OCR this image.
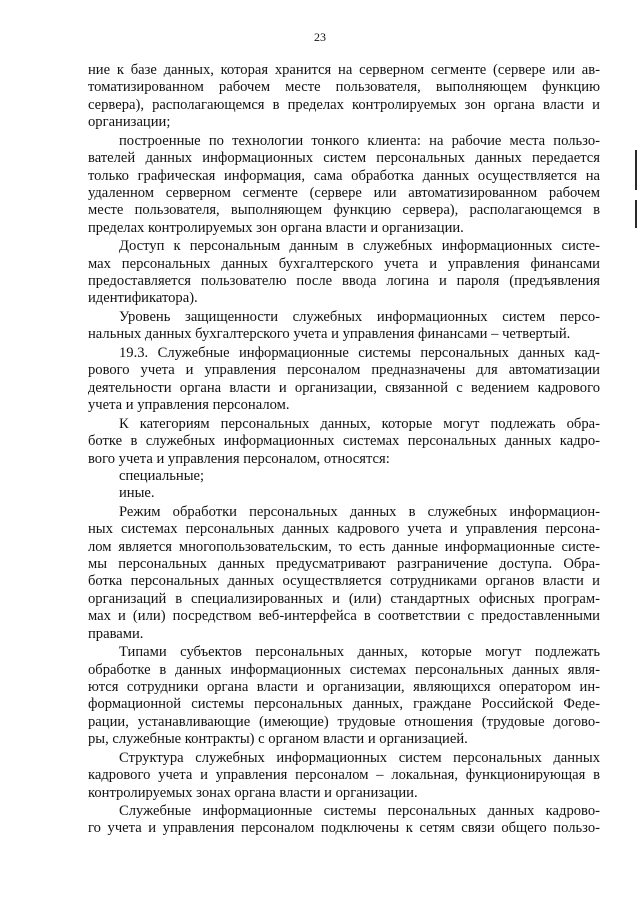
23
ние к базе данных, которая хранится на серверном сегменте (сервере или ав-
томатизированном рабочем месте пользователя, выполняющем функцию
сервера), располагающемся в пределах контролируемых зон органа власти и
организации;
построенные по технологии тонкого клиента: на рабочие места пользо-
вателей данных информационных систем персональных данных передается
только графическая информация, сама обработка данных осуществляется на
удаленном серверном сегменте (сервере или автоматизированном рабочем
месте пользователя, выполняющем функцию сервера), располагающемся в
пределах контролируемых зон органа власти и организации.
Доступ к персональным данным в служебных информационных систе-
мах персональных данных бухгалтерского учета и управления финансами
предоставляется пользователю после ввода логина и пароля (предъявления
идентификатора).
Уровень защищенности служебных информационных систем персо-
нальных данных бухгалтерского учета и управления финансами – четвертый.
19.3. Служебные информационные системы персональных данных кад-
рового учета и управления персоналом предназначены для автоматизации
деятельности органа власти и организации, связанной с ведением кадрового
учета и управления персоналом.
К категориям персональных данных, которые могут подлежать обра-
ботке в служебных информационных системах персональных данных кадро-
вого учета и управления персоналом, относятся:
специальные;
иные.
Режим обработки персональных данных в служебных информацион-
ных системах персональных данных кадрового учета и управления персона-
лом является многопользовательским, то есть данные информационные систе-
мы персональных данных предусматривают разграничение доступа. Обра-
ботка персональных данных осуществляется сотрудниками органов власти и
организаций в специализированных и (или) стандартных офисных програм-
мах и (или) посредством веб-интерфейса в соответствии с предоставленными
правами.
Типами субъектов персональных данных, которые могут подлежать
обработке в данных информационных системах персональных данных явля-
ются сотрудники органа власти и организации, являющихся оператором ин-
формационной системы персональных данных, граждане Российской Феде-
рации, устанавливающие (имеющие) трудовые отношения (трудовые догово-
ры, служебные контракты) с органом власти и организацией.
Структура служебных информационных систем персональных данных
кадрового учета и управления персоналом – локальная, функционирующая в
контролируемых зонах органа власти и организации.
Служебные информационные системы персональных данных кадрово-
го учета и управления персоналом подключены к сетям связи общего пользо-
